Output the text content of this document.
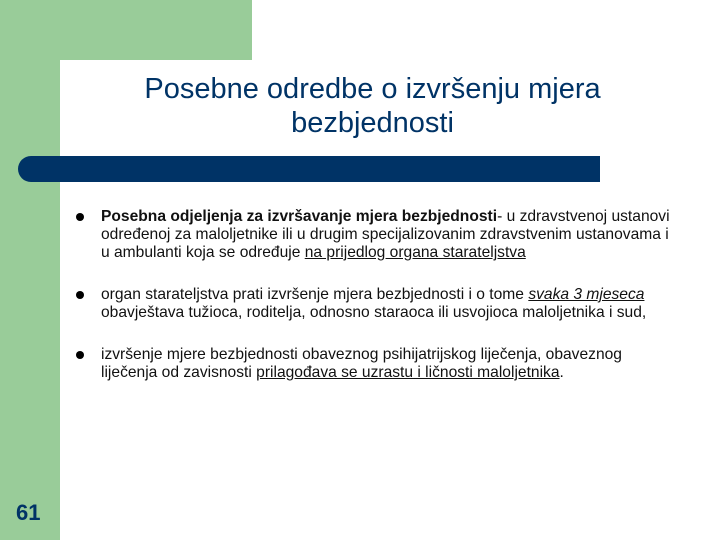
Posebne odredbe o izvršenju mjera
bezbjednosti
Posebna odjeljenja za izvršavanje mjera bezbjednosti- u zdravstvenoj ustanovi određenoj za maloljetnike ili u drugim specijalizovanim zdravstvenim ustanovama i u ambulanti koja se određuje na prijedlog organa starateljstva
organ starateljstva prati izvršenje mjera bezbjednosti i o tome svaka 3 mjeseca obavještava tužioca, roditelja, odnosno staraoca ili usvojioca maloljetnika i sud,
izvršenje mjere bezbjednosti obaveznog psihijatrijskog liječenja, obaveznog liječenja od zavisnosti prilagođava se uzrastu i ličnosti maloljetnika.
61
